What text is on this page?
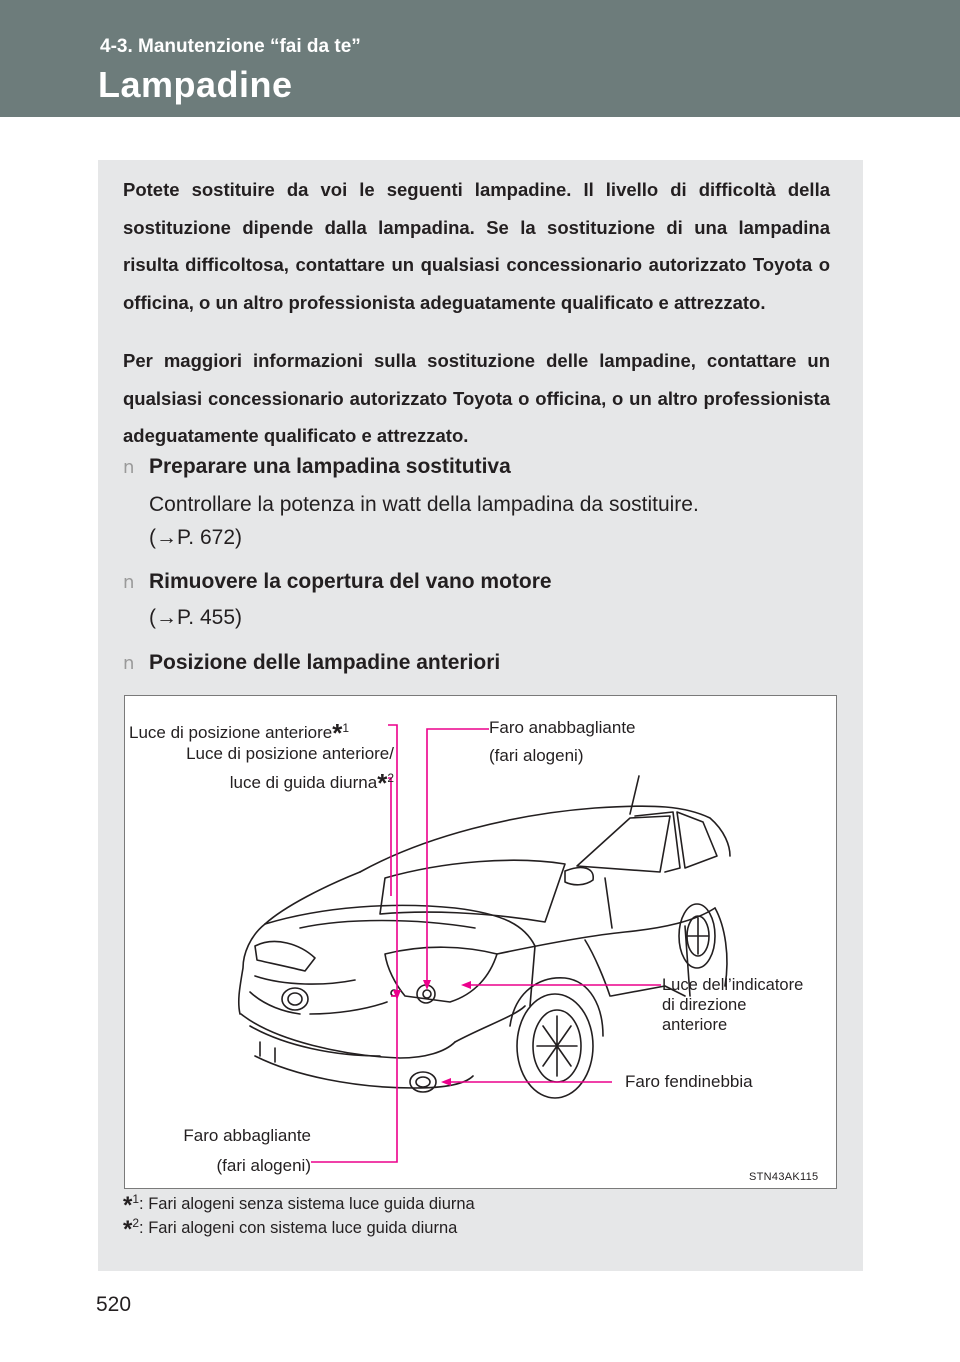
4-3. Manutenzione “fai da te”
Lampadine

Potete sostituire da voi le seguenti lampadine. Il livello di difficoltà della sostituzione dipende dalla lampadina. Se la sostituzione di una lampadina risulta difficoltosa, contattare un qualsiasi concessionario autorizzato Toyota o officina, o un altro professionista adeguatamente qualificato e attrezzato.

Per maggiori informazioni sulla sostituzione delle lampadine, contattare un qualsiasi concessionario autorizzato Toyota o officina, o un altro professionista adeguatamente qualificato e attrezzato.

n Preparare una lampadina sostitutiva
Controllare la potenza in watt della lampadina da sostituire.
(→P. 672)
n Rimuovere la copertura del vano motore
(→P. 455)
n Posizione delle lampadine anteriori
Luce di posizione anteriore*$^1$
Luce di posizione anteriore/
luce di guida diurna*$^2$
Faro anabbagliante
(fari alogeni)
Luce dell’indicatore
di direzione
anteriore
Faro fendinebbia
Faro abbagliante
(fari alogeni)
STN43AK115
*$^1$: Fari alogeni senza sistema luce guida diurna
*$^2$: Fari alogeni con sistema luce guida diurna
520
